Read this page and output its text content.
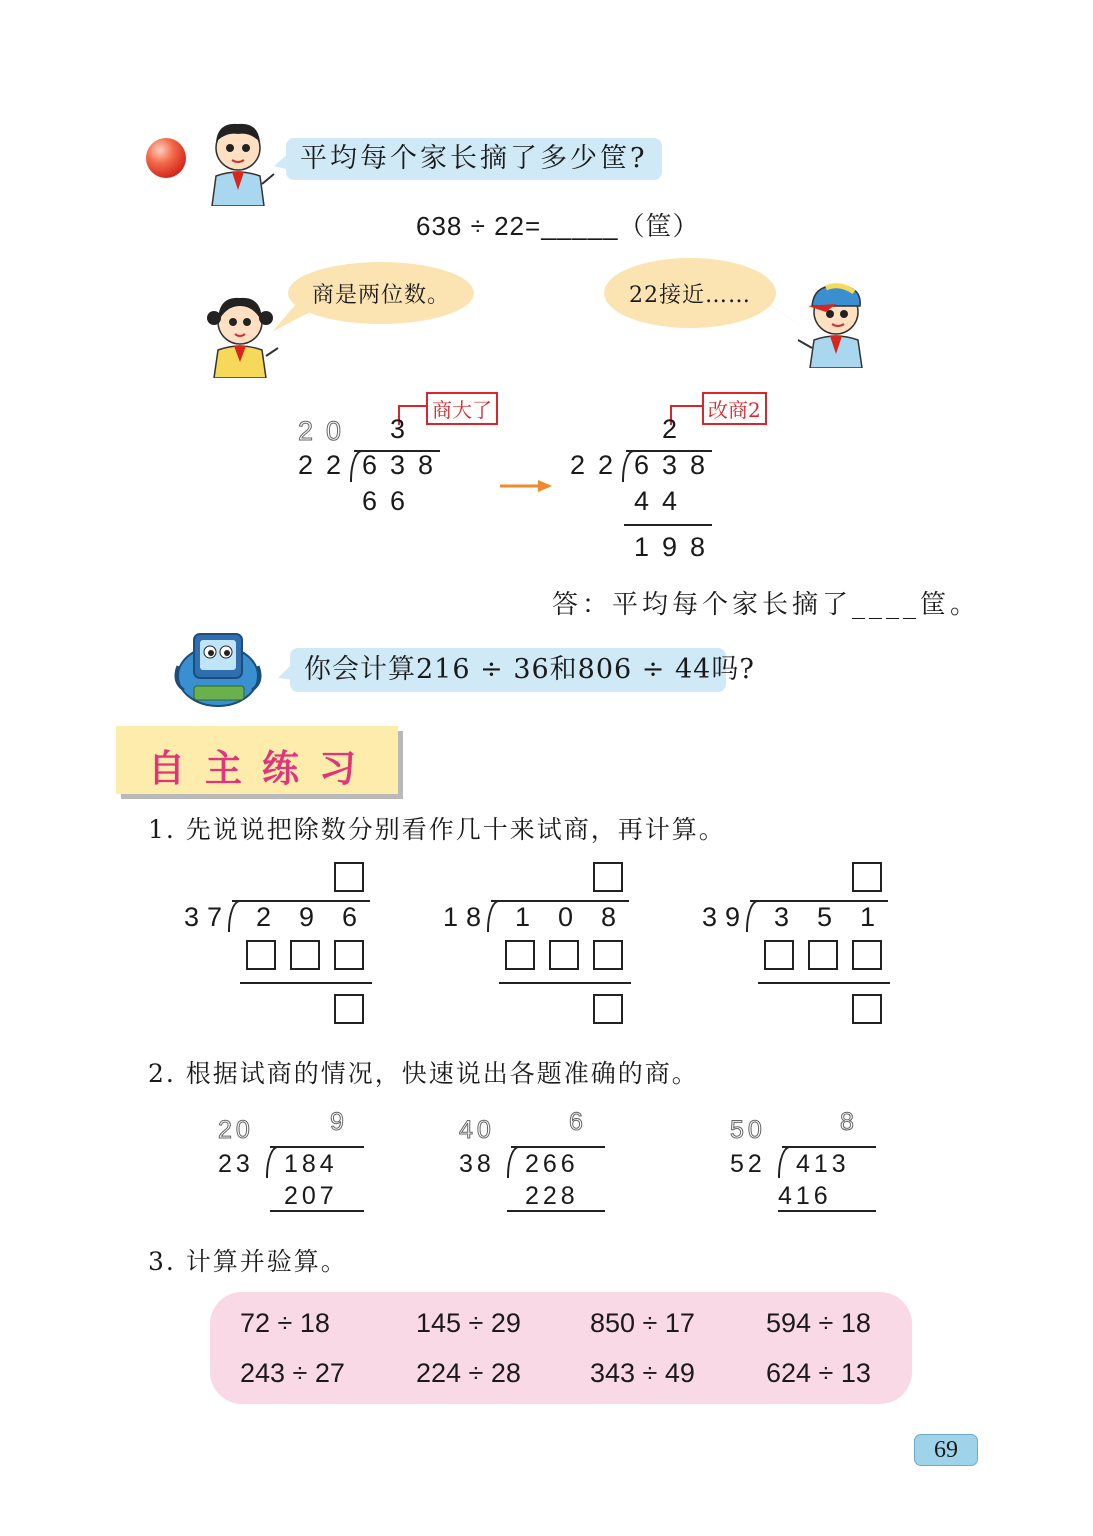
平均每个家长摘了多少筐?
638 ÷ 22=_____（筐）
商是两位数。	22接近……
商大了
20 3
22 638
66
改商2
2
22 638
44
198
答：平均每个家长摘了____筐。
你会计算216 ÷ 36和806 ÷ 44吗?
自主练习
1. 先说说把除数分别看作几十来试商，再计算。
37 296 18 108 39 351
2. 根据试商的情况，快速说出各题准确的商。
20	9
23 184
207
40	6
38 266
228
50	8
52 413
416
3. 计算并验算。
72 ÷ 18	145 ÷ 29	850 ÷ 17	594 ÷ 18
243 ÷ 27	224 ÷ 28	343 ÷ 49	624 ÷ 13
69
